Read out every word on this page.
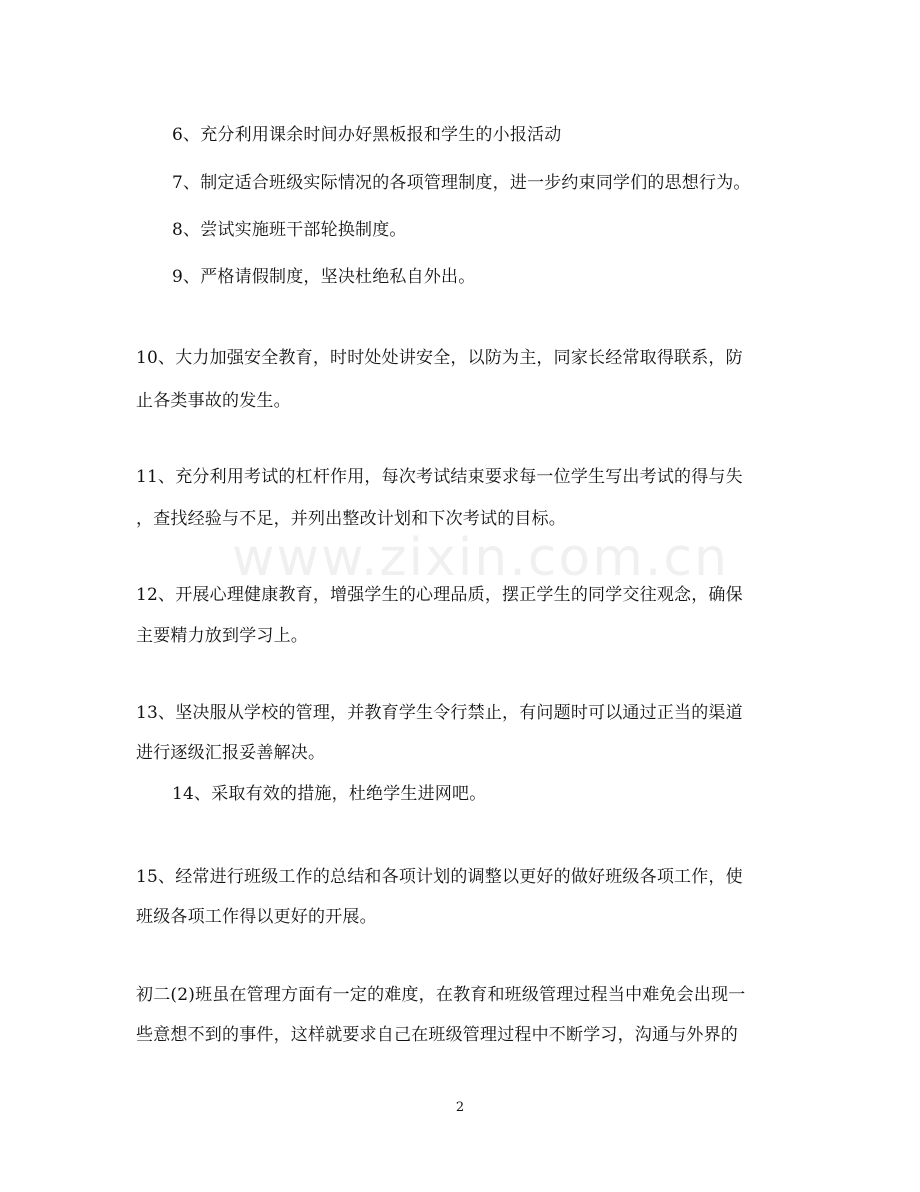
www.zixin.com.cn
6、充分利用课余时间办好黑板报和学生的小报活动
7、制定适合班级实际情况的各项管理制度，进一步约束同学们的思想行为。
8、尝试实施班干部轮换制度。
9、严格请假制度，坚决杜绝私自外出。
10、大力加强安全教育，时时处处讲安全，以防为主，同家长经常取得联系，防
止各类事故的发生。
11、充分利用考试的杠杆作用，每次考试结束要求每一位学生写出考试的得与失
，查找经验与不足，并列出整改计划和下次考试的目标。
12、开展心理健康教育，增强学生的心理品质，摆正学生的同学交往观念，确保
主要精力放到学习上。
13、坚决服从学校的管理，并教育学生令行禁止，有问题时可以通过正当的渠道
进行逐级汇报妥善解决。
14、采取有效的措施，杜绝学生进网吧。
15、经常进行班级工作的总结和各项计划的调整以更好的做好班级各项工作，使
班级各项工作得以更好的开展。
初二(2)班虽在管理方面有一定的难度，在教育和班级管理过程当中难免会出现一
些意想不到的事件，这样就要求自己在班级管理过程中不断学习，沟通与外界的
2
